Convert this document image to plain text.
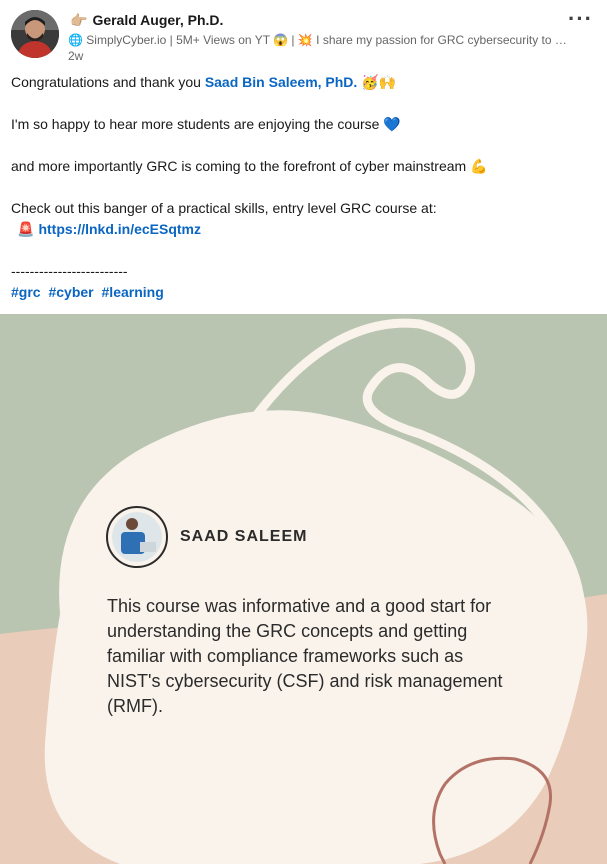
👉🏼 Gerald Auger, Ph.D.
🌐 SimplyCyber.io | 5M+ Views on YT 😱 | 💥 I share my passion for GRC cybersecurity to …
2w
···

Congratulations and thank you Saad Bin Saleem, PhD. 🥳🙌

I'm so happy to hear more students are enjoying the course 💙

and more importantly GRC is coming to the forefront of cyber mainstream 💪

Check out this banger of a practical skills, entry level GRC course at:

🚨 https://lnkd.in/ecESqtmz

-------------------------

#grc #cyber #learning

SAAD SALEEM
This course was informative and a good start for understanding the GRC concepts and getting familiar with compliance frameworks such as NIST's cybersecurity (CSF) and risk management (RMF).
